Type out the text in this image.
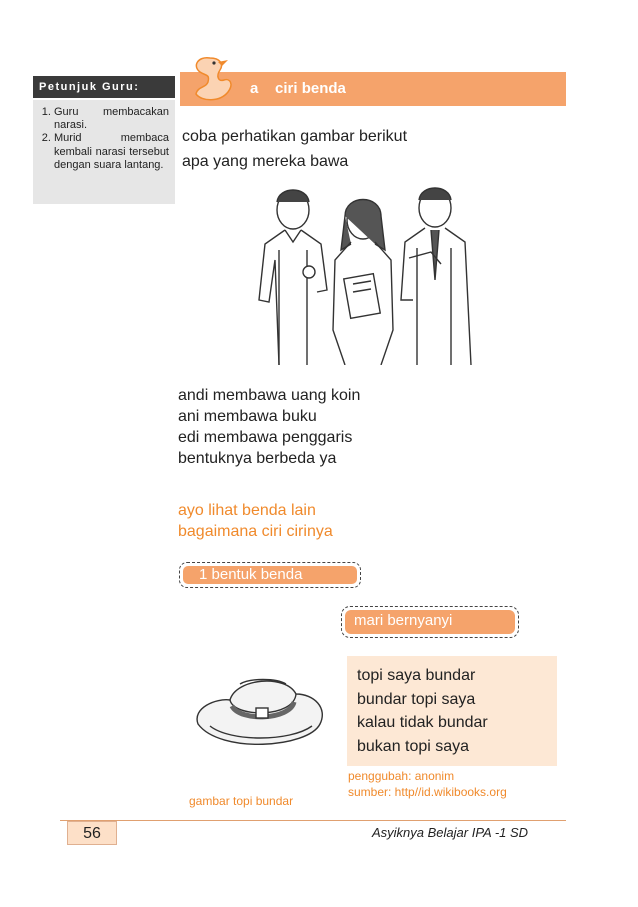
Petunjuk Guru:
1. Guru membacakan narasi.
2. Murid membaca kembali narasi tersebut dengan suara lantang.
a ciri benda
coba perhatikan gambar berikut
apa yang mereka bawa
andi membawa uang koin
ani membawa buku
edi membawa penggaris
bentuknya berbeda ya
ayo lihat benda lain
bagaimana ciri cirinya
1 bentuk benda
mari bernyanyi
topi saya bundar
bundar topi saya
kalau tidak bundar
bukan topi saya
gambar topi bundar
penggubah: anonim
sumber: http//id.wikibooks.org
56	Asyiknya Belajar IPA -1 SD
